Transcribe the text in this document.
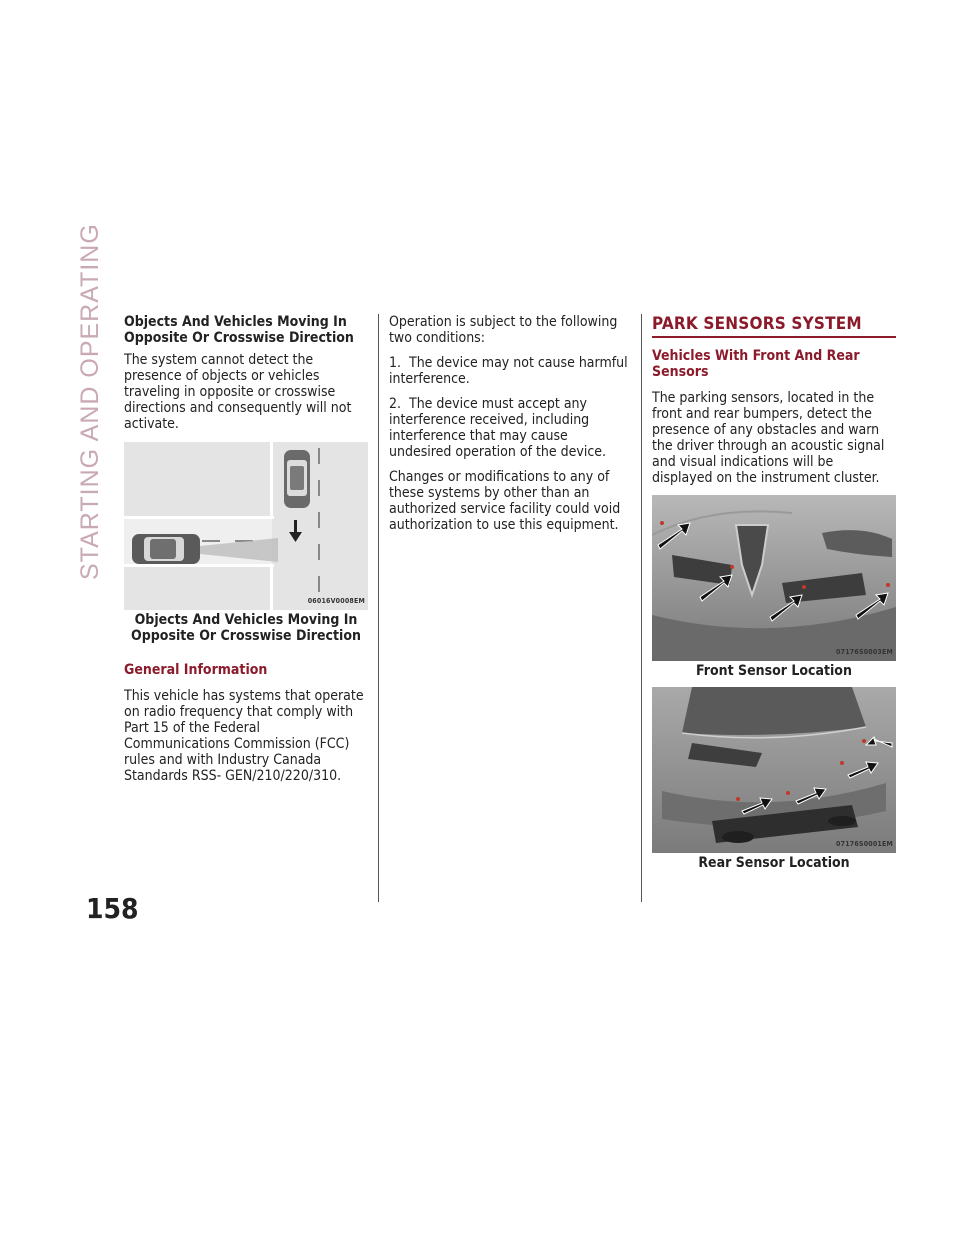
STARTING AND OPERATING
158
Objects And Vehicles Moving In Opposite Or Crosswise Direction

The system cannot detect the presence of objects or vehicles traveling in opposite or crosswise directions and consequently will not activate.

06016V0008EM
Objects And Vehicles Moving In Opposite Or Crosswise Direction
General Information

This vehicle has systems that operate on radio frequency that comply with Part 15 of the Federal Communications Commission (FCC) rules and with Industry Canada Standards RSS- GEN/210/220/310.

Operation is subject to the following two conditions:

1.  The device may not cause harmful interference.
2.  The device must accept any interference received, including interference that may cause undesired operation of the device.

Changes or modifications to any of these systems by other than an authorized service facility could void authorization to use this equipment.

PARK SENSORS SYSTEM
Vehicles With Front And Rear Sensors

The parking sensors, located in the front and rear bumpers, detect the presence of any obstacles and warn the driver through an acoustic signal and visual indications will be displayed on the instrument cluster.

07176S0003EM
Front Sensor Location
07176S0001EM
Rear Sensor Location
